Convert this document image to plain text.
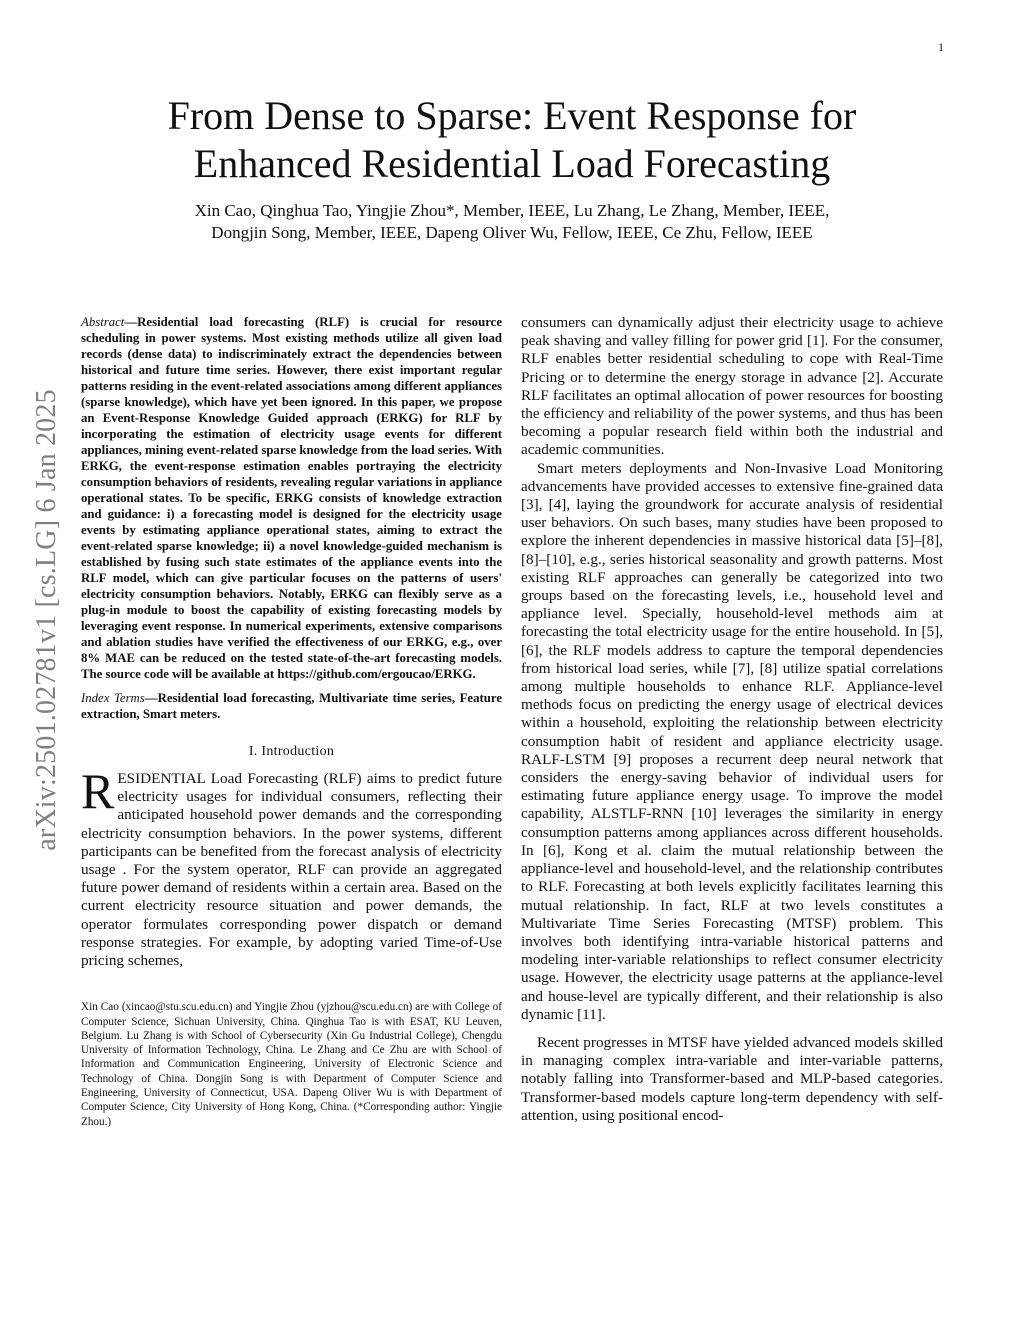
1
arXiv:2501.02781v1 [cs.LG] 6 Jan 2025
From Dense to Sparse: Event Response for
Enhanced Residential Load Forecasting
Xin Cao, Qinghua Tao, Yingjie Zhou*, Member, IEEE, Lu Zhang, Le Zhang, Member, IEEE,
Dongjin Song, Member, IEEE, Dapeng Oliver Wu, Fellow, IEEE, Ce Zhu, Fellow, IEEE

Abstract—Residential load forecasting (RLF) is crucial for resource scheduling in power systems. Most existing methods utilize all given load records (dense data) to indiscriminately extract the dependencies between historical and future time series. However, there exist important regular patterns residing in the event-related associations among different appliances (sparse knowledge), which have yet been ignored. In this paper, we propose an Event-Response Knowledge Guided approach (ERKG) for RLF by incorporating the estimation of electricity usage events for different appliances, mining event-related sparse knowledge from the load series. With ERKG, the event-response estimation enables portraying the electricity consumption behaviors of residents, revealing regular variations in appliance operational states. To be specific, ERKG consists of knowledge extraction and guidance: i) a forecasting model is designed for the electricity usage events by estimating appliance operational states, aiming to extract the event-related sparse knowledge; ii) a novel knowledge-guided mechanism is established by fusing such state estimates of the appliance events into the RLF model, which can give particular focuses on the patterns of users' electricity consumption behaviors. Notably, ERKG can flexibly serve as a plug-in module to boost the capability of existing forecasting models by leveraging event response. In numerical experiments, extensive comparisons and ablation studies have verified the effectiveness of our ERKG, e.g., over 8% MAE can be reduced on the tested state-of-the-art forecasting models. The source code will be available at https://github.com/ergoucao/ERKG.

Index Terms—Residential load forecasting, Multivariate time series, Feature extraction, Smart meters.

I. Introduction

RESIDENTIAL Load Forecasting (RLF) aims to predict future electricity usages for individual consumers, reflecting their anticipated household power demands and the corresponding electricity consumption behaviors. In the power systems, different participants can be benefited from the forecast analysis of electricity usage . For the system operator, RLF can provide an aggregated future power demand of residents within a certain area. Based on the current electricity resource situation and power demands, the operator formulates corresponding power dispatch or demand response strategies. For example, by adopting varied Time-of-Use pricing schemes,

Xin Cao (xincao@stu.scu.edu.cn) and Yingjie Zhou (yjzhou@scu.edu.cn) are with College of Computer Science, Sichuan University, China. Qinghua Tao is with ESAT, KU Leuven, Belgium. Lu Zhang is with School of Cybersecurity (Xin Gu Industrial College), Chengdu University of Information Technology, China. Le Zhang and Ce Zhu are with School of Information and Communication Engineering, University of Electronic Science and Technology of China. Dongjin Song is with Department of Computer Science and Engineering, University of Connecticut, USA. Dapeng Oliver Wu is with Department of Computer Science, City University of Hong Kong, China. (*Corresponding author: Yingjie Zhou.)

consumers can dynamically adjust their electricity usage to achieve peak shaving and valley filling for power grid [1]. For the consumer, RLF enables better residential scheduling to cope with Real-Time Pricing or to determine the energy storage in advance [2]. Accurate RLF facilitates an optimal allocation of power resources for boosting the efficiency and reliability of the power systems, and thus has been becoming a popular research field within both the industrial and academic communities.

Smart meters deployments and Non-Invasive Load Monitoring advancements have provided accesses to extensive fine-grained data [3], [4], laying the groundwork for accurate analysis of residential user behaviors. On such bases, many studies have been proposed to explore the inherent dependencies in massive historical data [5]–[8], [8]–[10], e.g., series historical seasonality and growth patterns. Most existing RLF approaches can generally be categorized into two groups based on the forecasting levels, i.e., household level and appliance level. Specially, household-level methods aim at forecasting the total electricity usage for the entire household. In [5], [6], the RLF models address to capture the temporal dependencies from historical load series, while [7], [8] utilize spatial correlations among multiple households to enhance RLF. Appliance-level methods focus on predicting the energy usage of electrical devices within a household, exploiting the relationship between electricity consumption habit of resident and appliance electricity usage. RALF-LSTM [9] proposes a recurrent deep neural network that considers the energy-saving behavior of individual users for estimating future appliance energy usage. To improve the model capability, ALSTLF-RNN [10] leverages the similarity in energy consumption patterns among appliances across different households. In [6], Kong et al. claim the mutual relationship between the appliance-level and household-level, and the relationship contributes to RLF. Forecasting at both levels explicitly facilitates learning this mutual relationship. In fact, RLF at two levels constitutes a Multivariate Time Series Forecasting (MTSF) problem. This involves both identifying intra-variable historical patterns and modeling inter-variable relationships to reflect consumer electricity usage. However, the electricity usage patterns at the appliance-level and house-level are typically different, and their relationship is also dynamic [11].

Recent progresses in MTSF have yielded advanced models skilled in managing complex intra-variable and inter-variable patterns, notably falling into Transformer-based and MLP-based categories. Transformer-based models capture long-term dependency with self-attention, using positional encod-
